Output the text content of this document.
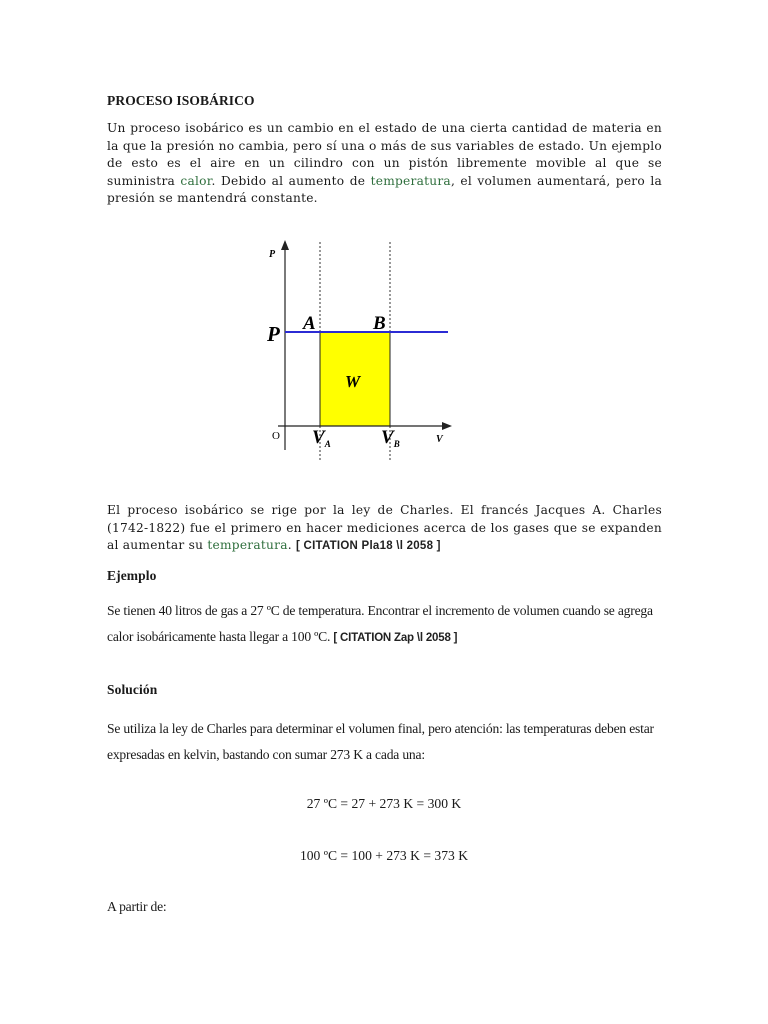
PROCESO ISOBÁRICO
Un proceso isobárico es un cambio en el estado de una cierta cantidad de materia en la que la presión no cambia, pero sí una o más de sus variables de estado. Un ejemplo de esto es el aire en un cilindro con un pistón libremente movible al que se suministra calor. Debido al aumento de temperatura, el volumen aumentará, pero la presión se mantendrá constante.
P
P A	B
W
O $V_A$	$V_B$	V
El proceso isobárico se rige por la ley de Charles. El francés Jacques A. Charles (1742-1822) fue el primero en hacer mediciones acerca de los gases que se expanden al aumentar su temperatura. [ CITATION Pla18 \l 2058 ]
Ejemplo
Se tienen 40 litros de gas a 27 ºC de temperatura. Encontrar el incremento de volumen cuando se agrega calor isobáricamente hasta llegar a 100 ºC. [ CITATION Zap \l 2058 ]
Solución
Se utiliza la ley de Charles para determinar el volumen final, pero atención: las temperaturas deben estar expresadas en kelvin, bastando con sumar 273 K a cada una:
27 ºC = 27 + 273 K = 300 K
100 ºC = 100 + 273 K = 373 K
A partir de:
